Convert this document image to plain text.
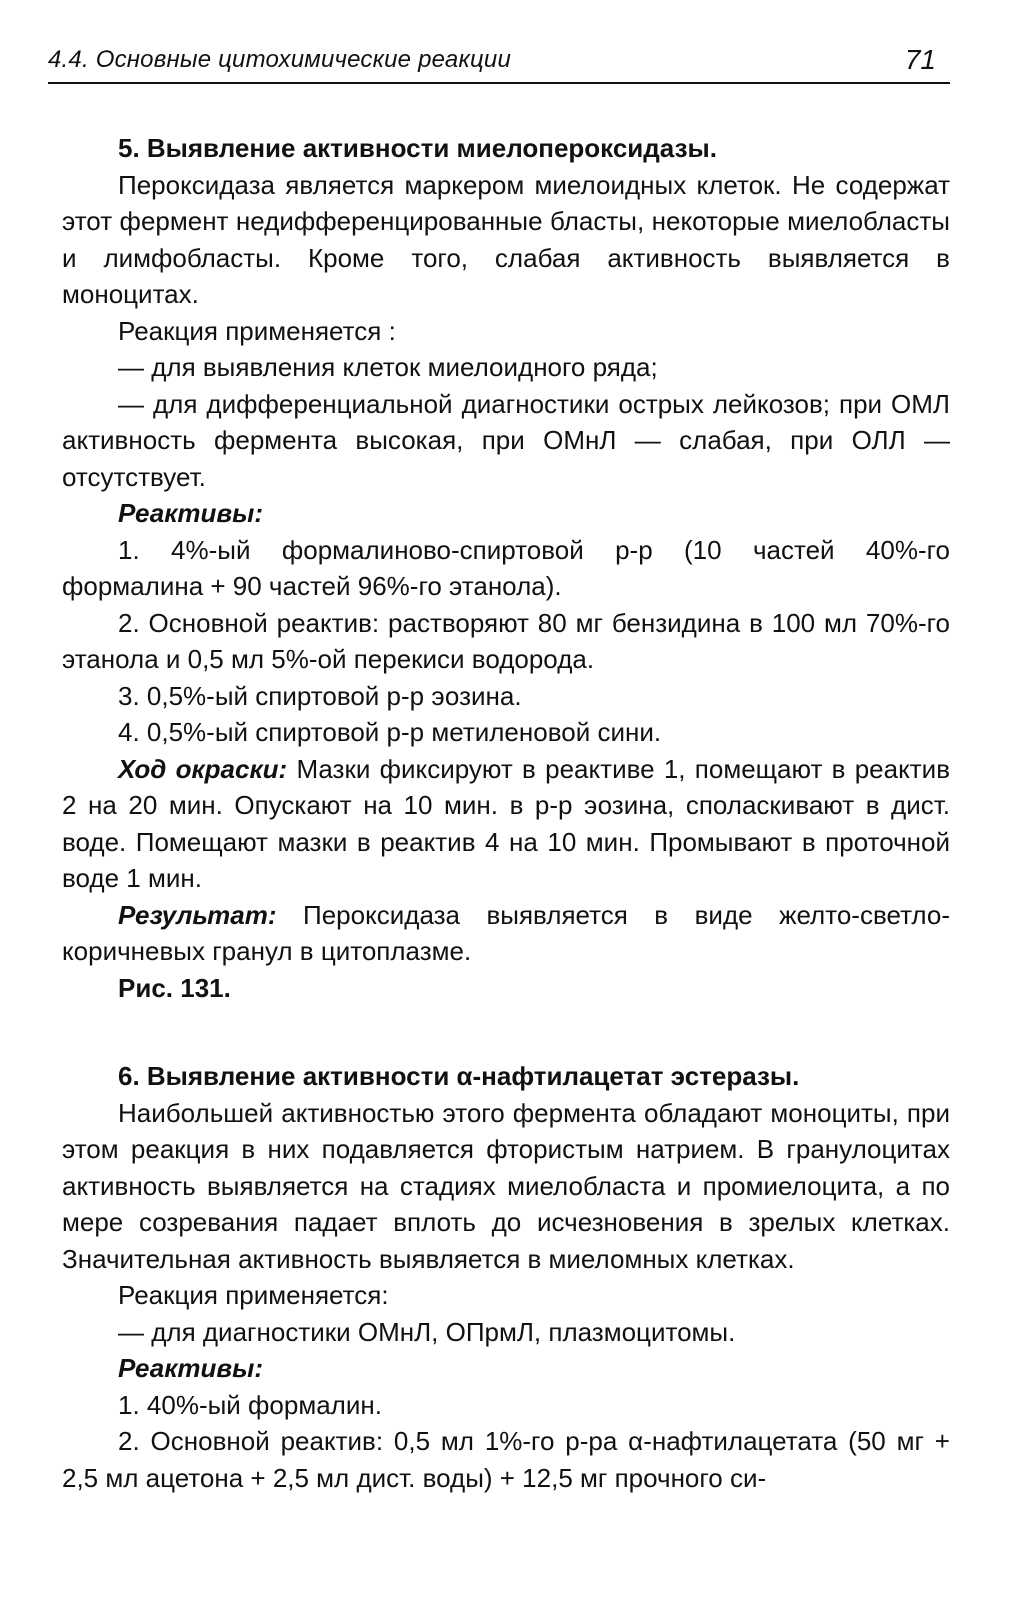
4.4. Основные цитохимические реакции	71

5. Выявление активности миелопероксидазы.

Пероксидаза является маркером миелоидных клеток. Не содержат этот фермент недифференцированные бласты, некоторые миелобласты и лимфобласты. Кроме того, слабая активность выявляется в моноцитах.

Реакция применяется :

— для выявления клеток миелоидного ряда;

— для дифференциальной диагностики острых лейкозов; при ОМЛ активность фермента высокая, при ОМнЛ — слабая, при ОЛЛ — отсутствует.

Реактивы:

1. 4%-ый формалиново-спиртовой р-р (10 частей 40%-го формалина + 90 частей 96%-го этанола).

2. Основной реактив: растворяют 80 мг бензидина в 100 мл 70%-го этанола и 0,5 мл 5%-ой перекиси водорода.

3. 0,5%-ый спиртовой р-р эозина.

4. 0,5%-ый спиртовой р-р метиленовой сини.

Ход окраски: Мазки фиксируют в реактиве 1, помещают в реактив 2 на 20 мин. Опускают на 10 мин. в р-р эозина, споласкивают в дист. воде. Помещают мазки в реактив 4 на 10 мин. Промывают в проточной воде 1 мин.

Результат: Пероксидаза выявляется в виде желто-светло-коричневых гранул в цитоплазме.

Рис. 131.

6. Выявление активности α-нафтилацетат эстеразы.

Наибольшей активностью этого фермента обладают моноциты, при этом реакция в них подавляется фтористым натрием. В гранулоцитах активность выявляется на стадиях миелобласта и промиелоцита, а по мере созревания падает вплоть до исчезновения в зрелых клетках. Значительная активность выявляется в миеломных клетках.

Реакция применяется:

— для диагностики ОМнЛ, ОПрмЛ, плазмоцитомы.

Реактивы:

1. 40%-ый формалин.

2. Основной реактив: 0,5 мл 1%-го р-ра α-нафтилацетата (50 мг + 2,5 мл ацетона + 2,5 мл дист. воды) + 12,5 мг прочного си-
